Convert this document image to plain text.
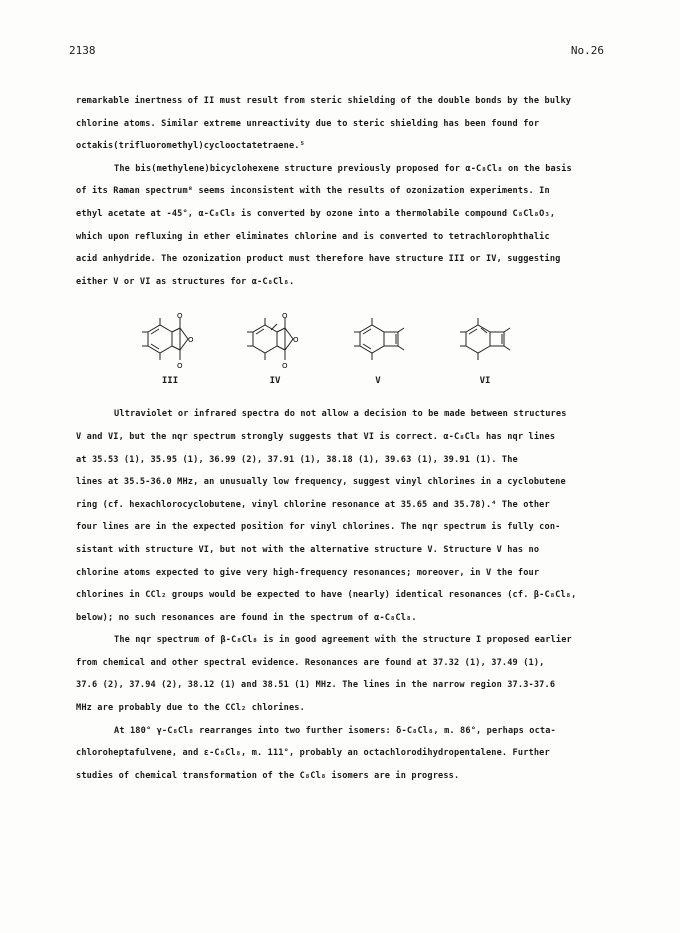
2138	No.26

remarkable inertness of II must result from steric shielding of the double bonds by the bulky
chlorine atoms. Similar extreme unreactivity due to steric shielding has been found for
octakis(trifluoromethyl)cyclooctatetraene.⁵

The bis(methylene)bicyclohexene structure previously proposed for α-C₈Cl₈ on the basis
of its Raman spectrum⁸ seems inconsistent with the results of ozonization experiments. In
ethyl acetate at -45°, α-C₈Cl₈ is converted by ozone into a thermolabile compound C₈Cl₈O₃,
which upon refluxing in ether eliminates chlorine and is converted to tetrachlorophthalic
acid anhydride. The ozonization product must therefore have structure III or IV, suggesting
either V or VI as structures for α-C₈Cl₈.

Ultraviolet or infrared spectra do not allow a decision to be made between structures
V and VI, but the nqr spectrum strongly suggests that VI is correct. α-C₈Cl₈ has nqr lines
at 35.53 (1), 35.95 (1), 36.99 (2), 37.91 (1), 38.18 (1), 39.63 (1), 39.91 (1). The
lines at 35.5-36.0 MHz, an unusually low frequency, suggest vinyl chlorines in a cyclobutene
ring (cf. hexachlorocyclobutene, vinyl chlorine resonance at 35.65 and 35.78).⁴ The other
four lines are in the expected position for vinyl chlorines. The nqr spectrum is fully con-
sistant with structure VI, but not with the alternative structure V. Structure V has no
chlorine atoms expected to give very high-frequency resonances; moreover, in V the four
chlorines in CCl₂ groups would be expected to have (nearly) identical resonances (cf. β-C₈Cl₈,
below); no such resonances are found in the spectrum of α-C₈Cl₈.

The nqr spectrum of β-C₈Cl₈ is in good agreement with the structure I proposed earlier
from chemical and other spectral evidence. Resonances are found at 37.32 (1), 37.49 (1),
37.6 (2), 37.94 (2), 38.12 (1) and 38.51 (1) MHz. The lines in the narrow region 37.3-37.6
MHz are probably due to the CCl₂ chlorines.

At 180° γ-C₈Cl₈ rearranges into two further isomers: δ-C₈Cl₈, m. 86°, perhaps octa-
chloroheptafulvene, and ε-C₈Cl₈, m. 111°, probably an octachlorodihydropentalene. Further
studies of chemical transformation of the C₈Cl₈ isomers are in progress.

O
O
O
III
O
O
O
IV	V	VI
